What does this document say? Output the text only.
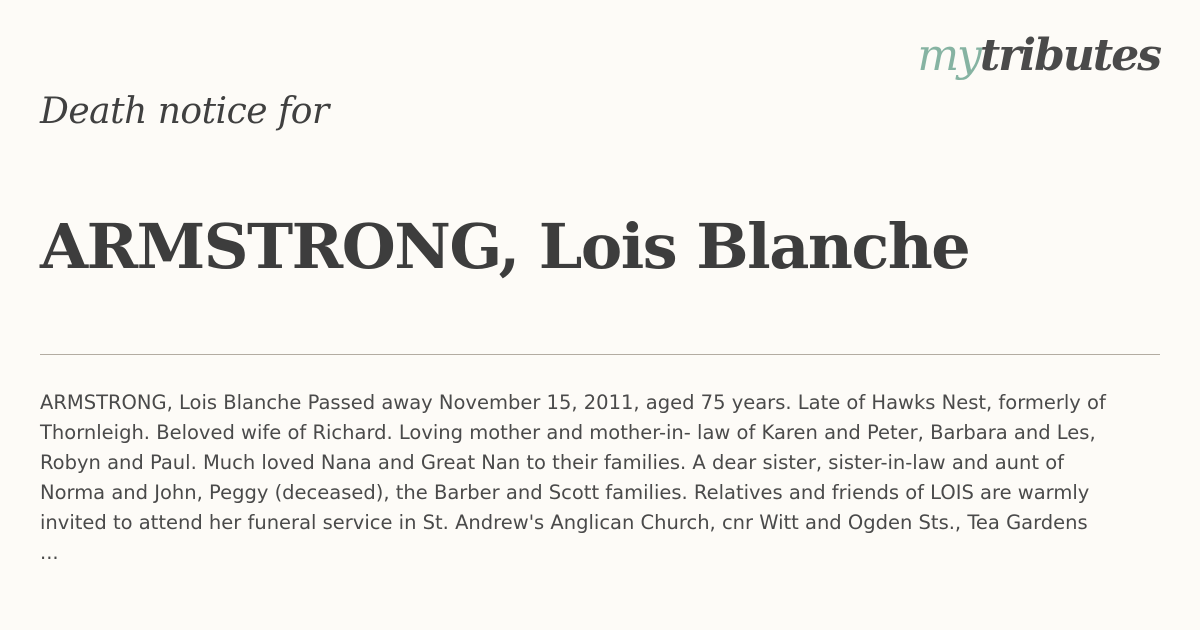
mytributes
Death notice for
ARMSTRONG, Lois Blanche
ARMSTRONG, Lois Blanche Passed away November 15, 2011, aged 75 years. Late of Hawks Nest, formerly of
Thornleigh. Beloved wife of Richard. Loving mother and mother-in- law of Karen and Peter, Barbara and Les,
Robyn and Paul. Much loved Nana and Great Nan to their families. A dear sister, sister-in-law and aunt of
Norma and John, Peggy (deceased), the Barber and Scott families. Relatives and friends of LOIS are warmly
invited to attend her funeral service in St. Andrew's Anglican Church, cnr Witt and Ogden Sts., Tea Gardens
...
